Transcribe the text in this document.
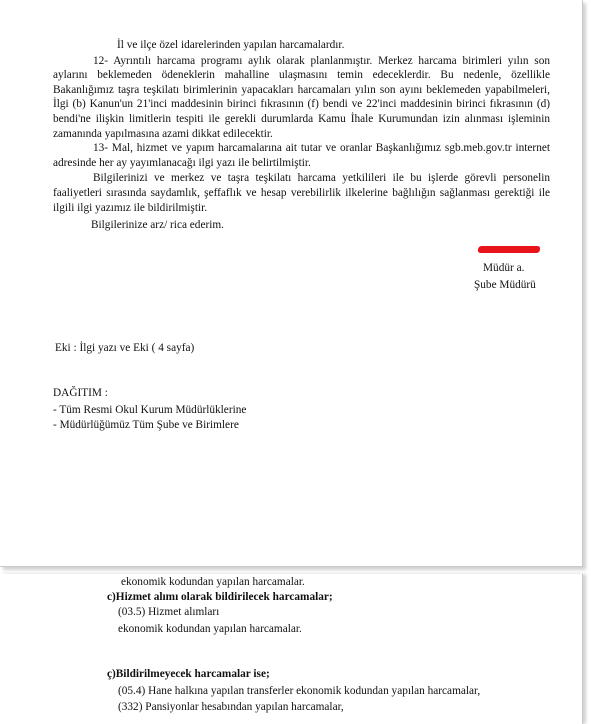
İl ve ilçe özel idarelerinden yapılan harcamalardır.

12- Ayrıntılı harcama programı aylık olarak planlanmıştır. Merkez harcama birimleri yılın son aylarını beklemeden ödeneklerin mahalline ulaşmasını temin edeceklerdir. Bu nedenle, özellikle Bakanlığımız taşra teşkilatı birimlerinin yapacakları harcamaları yılın son ayını beklemeden yapabilmeleri, İlgi (b) Kanun'un 21'inci maddesinin birinci fıkrasının (f) bendi ve 22'inci maddesinin birinci fıkrasının (d) bendi'ne ilişkin limitlerin tespiti ile gerekli durumlarda Kamu İhale Kurumundan izin alınması işleminin zamanında yapılmasına azami dikkat edilecektir.

13- Mal, hizmet ve yapım harcamalarına ait tutar ve oranlar Başkanlığımız sgb.meb.gov.tr internet adresinde her ay yayımlanacağı ilgi yazı ile belirtilmiştir.

Bilgilerinizi ve merkez ve taşra teşkilatı harcama yetkilileri ile bu işlerde görevli personelin faaliyetleri sırasında saydamlık, şeffaflık ve hesap verebilirlik ilkelerine bağlılığın sağlanması gerektiği ile ilgili ilgi yazımız ile bildirilmiştir.

Bilgilerinize arz/ rica ederim.

Müdür a.
Şube Müdürü
Eki : İlgi yazı ve Eki ( 4 sayfa)
DAĞITIM :
- Tüm Resmi Okul Kurum Müdürlüklerine
- Müdürlüğümüz Tüm Şube ve Birimlere
ekonomik kodundan yapılan harcamalar.
c)Hizmet alımı olarak bildirilecek harcamalar;
(03.5) Hizmet alımları
ekonomik kodundan yapılan harcamalar.
ç)Bildirilmeyecek harcamalar ise;
(05.4) Hane halkına yapılan transferler ekonomik kodundan yapılan harcamalar,
(332) Pansiyonlar hesabından yapılan harcamalar,
